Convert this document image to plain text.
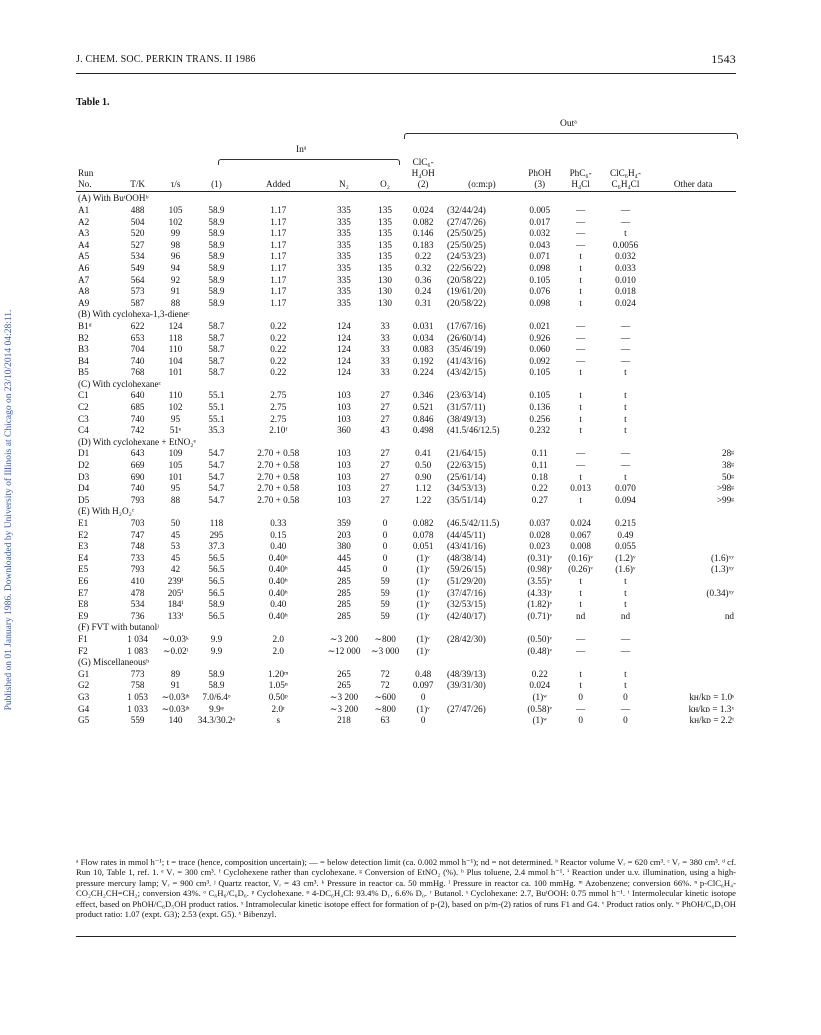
Published on 01 January 1986. Downloaded by University of Illinois at Chicago on 23/10/2014 04:28:11.
J. CHEM. SOC. PERKIN TRANS. II 1986	1543
Table 1.
Outᵃ
Inᵃ
							ClC₆-					
Run							H₄OH		PhOH	PhC₆-	ClC₆H₄-	
No.	T/K	τ/s	(1)	Added	N₂	O₂	(2)	(o:m:p)	(3)	H₄Cl	C₆H₄Cl	Other data
(A) With BuᵗOOHᵇ												
A1	488	105	58.9	1.17	335	135	0.024	(32/44/24)	0.005	—	—	
A2	504	102	58.9	1.17	335	135	0.082	(27/47/26)	0.017	—	—	
A3	520	99	58.9	1.17	335	135	0.146	(25/50/25)	0.032	—	t	
A4	527	98	58.9	1.17	335	135	0.183	(25/50/25)	0.043	—	0.0056	
A5	534	96	58.9	1.17	335	135	0.22	(24/53/23)	0.071	t	0.032	
A6	549	94	58.9	1.17	335	135	0.32	(22/56/22)	0.098	t	0.033	
A7	564	92	58.9	1.17	335	130	0.36	(20/58/22)	0.105	t	0.010	
A8	573	91	58.9	1.17	335	130	0.24	(19/61/20)	0.076	t	0.018	
A9	587	88	58.9	1.17	335	130	0.31	(20/58/22)	0.098	t	0.024	
(B) With cyclohexa-1,3-dieneᶜ												
B1ᵈ	622	124	58.7	0.22	124	33	0.031	(17/67/16)	0.021	—	—	
B2	653	118	58.7	0.22	124	33	0.034	(26/60/14)	0.926	—	—	
B3	704	110	58.7	0.22	124	33	0.083	(35/46/19)	0.060	—	—	
B4	740	104	58.7	0.22	124	33	0.192	(41/43/16)	0.092	—	—	
B5	768	101	58.7	0.22	124	33	0.224	(43/42/15)	0.105	t	t	
(C) With cyclohexaneᶜ												
C1	640	110	55.1	2.75	103	27	0.346	(23/63/14)	0.105	t	t	
C2	685	102	55.1	2.75	103	27	0.521	(31/57/11)	0.136	t	t	
C3	740	95	55.1	2.75	103	27	0.846	(38/49/13)	0.256	t	t	
C4	742	51ᵉ	35.3	2.10ᶠ	360	43	0.498	(41.5/46/12.5)	0.232	t	t	
(D) With cyclohexane + EtNO₂ᵉ												
D1	643	109	54.7	2.70 + 0.58	103	27	0.41	(21/64/15)	0.11	—	—	28ᵍ
D2	669	105	54.7	2.70 + 0.58	103	27	0.50	(22/63/15)	0.11	—	—	38ᵍ
D3	690	101	54.7	2.70 + 0.58	103	27	0.90	(25/61/14)	0.18	t	t	50ᵍ
D4	740	95	54.7	2.70 + 0.58	103	27	1.12	(34/53/13)	0.22	0.013	0.070	>98ᵍ
D5	793	88	54.7	2.70 + 0.58	103	27	1.22	(35/51/14)	0.27	t	0.094	>99ᵍ
(E) With H₂O₂ᶜ												
E1	703	50	118	0.33	359	0	0.082	(46.5/42/11.5)	0.037	0.024	0.215	
E2	747	45	295	0.15	203	0	0.078	(44/45/11)	0.028	0.067	0.49	
E3	748	53	37.3	0.40	380	0	0.051	(43/41/16)	0.023	0.008	0.055	
E4	733	45	56.5	0.40ʰ	445	0	(1)ᵛ	(48/38/14)	(0.31)ᵛ	(0.16)ᵛ	(1.2)ᵛ	(1.6)ˣʸ
E5	793	42	56.5	0.40ʰ	445	0	(1)ᵛ	(59/26/15)	(0.98)ᵛ	(0.26)ᵛ	(1.6)ᵛ	(1.3)ˣʸ
E6	410	239ⁱ	56.5	0.40ʰ	285	59	(1)ᵛ	(51/29/20)	(3.55)ᵛ	t	t	
E7	478	205ⁱ	56.5	0.40ʰ	285	59	(1)ᵛ	(37/47/16)	(4.33)ᵛ	t	t	(0.34)ˣʸ
E8	534	184ⁱ	58.9	0.40	285	59	(1)ᵛ	(32/53/15)	(1.82)ᵛ	t	t	
E9	736	133ⁱ	56.5	0.40ʰ	285	59	(1)ᵛ	(42/40/17)	(0.71)ᵛ	nd	nd	nd
(F) FVT with butanolʲ												
F1	1 034	∼0.03ᵏ	9.9	2.0	∼3 200	∼800	(1)ᵛ	(28/42/30)	(0.50)ᵛ	—	—	
F2	1 083	∼0.02ˡ	9.9	2.0	∼12 000	∼3 000	(1)ᵛ		(0.48)ᵛ	—	—	
(G) Miscellaneousʰ												
G1	773	89	58.9	1.20ᵐ	265	72	0.48	(48/39/13)	0.22	t	t	
G2	758	91	58.9	1.05ⁿ	265	72	0.097	(39/31/30)	0.024	t	t	
G3	1 053	∼0.03ʲʰ	7.0/6.4ᵒ	0.50ᵖ	∼3 200	∼600	0		(1)ʷ	0	0	kʜ/kᴅ = 1.0ˢ
G4	1 033	∼0.03ʲʰ	9.9ᵠ	2.0ʳ	∼3 200	∼800	(1)ᵛ	(27/47/26)	(0.58)ᵛ	—	—	kʜ/kᴅ = 1.3ˣ
G5	559	140	34.3/30.2ᵒ	s	218	63	0		(1)ʷ	0	0	kʜ/kᴅ = 2.2ᵗ
ᵃ Flow rates in mmol h⁻¹; t = trace (hence, composition uncertain); — = below detection limit (ca. 0.002 mmol h⁻¹); nd = not determined. ᵇ Reactor volume Vᵣ = 620 cm³. ᶜ Vᵣ = 380 cm³. ᵈ cf. Run 10, Table 1, ref. 1. ᵉ Vᵣ = 300 cm³. ᶠ Cyclohexene rather than cyclohexane. ᵍ Conversion of EtNO₂ (%). ʰ Plus toluene, 2.4 mmol h⁻¹. ⁱ Reaction under u.v. illumination, using a high-pressure mercury lamp; Vᵣ = 900 cm³. ʲ Quartz reactor, Vᵣ = 43 cm³. ᵏ Pressure in reactor ca. 50 mmHg. ˡ Pressure in reactor ca. 100 mmHg. ᵐ Azobenzene; conversion 66%. ⁿ p-ClC₆H₄-CO₂CH₂CH=CH₂; conversion 43%. ᵒ C₆H₆/C₆D₆. ᵖ Cyclohexane. ᵠ 4-DC₆H₄Cl: 93.4% D₁, 6.6% D₀. ʳ Butanol. ˢ Cyclohexane: 2.7, BuᵗOOH: 0.75 mmol h⁻¹. ᵗ Intermolecular kinetic isotope effect, based on PhOH/C₆D₅OH product ratios. ˣ Intramolecular kinetic isotope effect for formation of p-(2), based on p/m-(2) ratios of runs F1 and G4. ᵛ Product ratios only. ʷ PhOH/C₆D₅OH product ratio: 1.07 (expt. G3); 2.53 (expt. G5). ˣ Bibenzyl.
